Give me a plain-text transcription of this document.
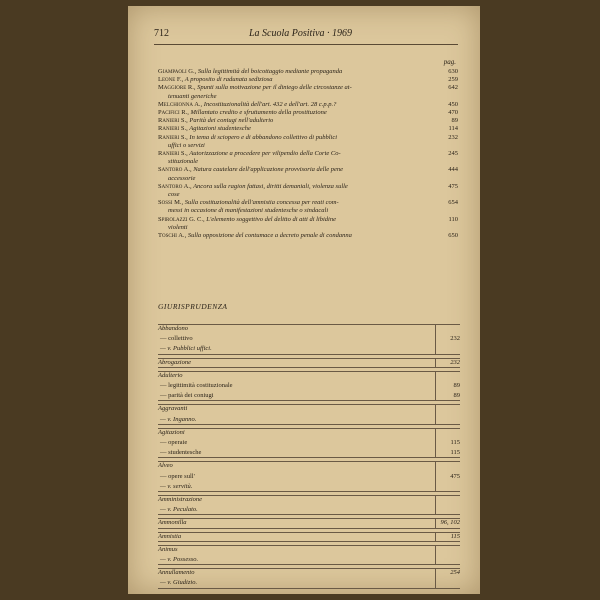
712	La Scuola Positiva · 1969
pag.
Giampaoli G., Sulla legittimità del boicottaggio mediante propaganda	630
Leone F., A proposito di radunata sediziosa	259
Maggiore R., Spunti sulla motivazione per il diniego delle circostanze at-
tenuanti generiche
642
Melchionna A., Incostituzionalità dell'art. 432 e dell'art. 28 c.p.p.?	450
Pacifici R., Millantato credito e sfruttamento della prostituzione	470
Ranieri S., Parità dei coniugi nell'adulterio	89
Ranieri S., Agitazioni studentesche	114
Ranieri S., In tema di sciopero e di abbandono collettivo di pubblici
uffici o servizi
232
Ranieri S., Autorizzazione a procedere per vilipendio della Corte Co-
stituzionale
245
Santoro A., Natura cautelare dell'applicazione provvisoria delle pene
accessorie
444
Santoro A., Ancora sulla ragion fattasi, diritti demaniali, violenza sulle
cose
475
Sossi M., Sulla costituzionalità dell'amnistia concessa per reati com-
messi in occasione di manifestazioni studentesche o sindacali
654
Spirolazzi G. C., L'elemento soggettivo del delitto di atti di libidine
violenti
110
Toschi A., Sulla opposizione del contumace a decreto penale di condanna	650
GIURISPRUDENZA
Abbandono
— collettivo	232
— v. Pubblici uffici.
Abrogazione	232
Adulterio
— legittimità costituzionale	89
— parità dei coniugi	89
Aggravanti
— v. Inganno.
Agitazioni
— operaie	115
— studentesche	115
Alveo
— opere sull'	475
— v. servitù.
Amministrazione
— v. Peculato.
Ammonilla	96, 102
Amnistia	115
Animus
— v. Possesso.
Annullamento	254
— v. Giudizio.
